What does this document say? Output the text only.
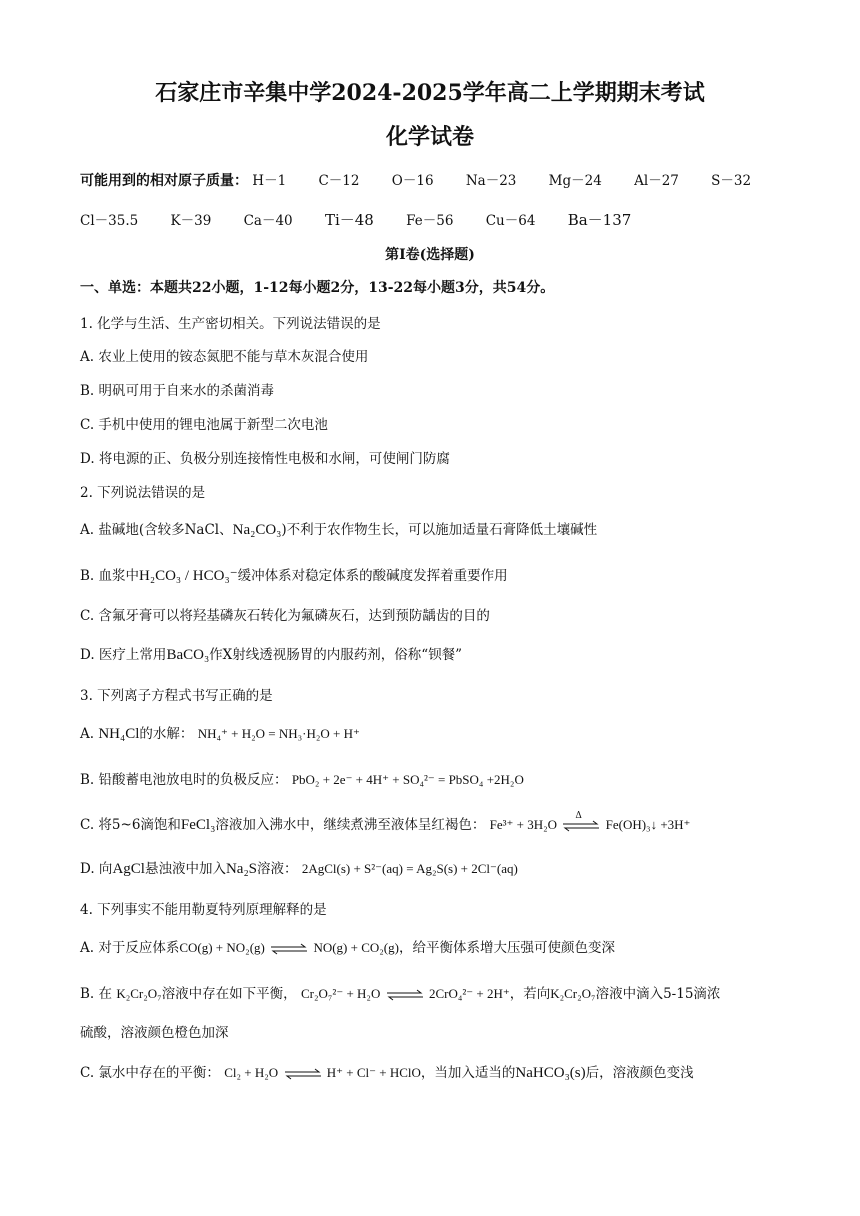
石家庄市辛集中学2024-2025学年高二上学期期末考试
化学试卷
可能用到的相对原子质量： H－1 C－12 O－16 Na－23 Mg－24 Al－27 S－32
Cl－35.5 K－39 Ca－40 Ti－48 Fe－56 Cu－64 Ba－137
第Ⅰ卷(选择题)
一、单选：本题共22小题，1-12每小题2分，13-22每小题3分，共54分。
1. 化学与生活、生产密切相关。下列说法错误的是
A. 农业上使用的铵态氮肥不能与草木灰混合使用
B. 明矾可用于自来水的杀菌消毒
C. 手机中使用的锂电池属于新型二次电池
D. 将电源的正、负极分别连接惰性电极和水闸，可使闸门防腐
2. 下列说法错误的是
A. 盐碱地(含较多NaCl、Na₂CO₃)不利于农作物生长，可以施加适量石膏降低土壤碱性
B. 血浆中H₂CO₃ / HCO₃⁻缓冲体系对稳定体系的酸碱度发挥着重要作用
C. 含氟牙膏可以将羟基磷灰石转化为氟磷灰石，达到预防龋齿的目的
D. 医疗上常用BaCO₃作X射线透视肠胃的内服药剂，俗称“钡餐”
3. 下列离子方程式书写正确的是
A. NH₄Cl的水解： NH₄⁺ + H₂O = NH₃·H₂O + H⁺
B. 铅酸蓄电池放电时的负极反应： PbO₂ + 2e⁻ + 4H⁺ + SO₄²⁻ = PbSO₄ +2H₂O
C. 将5~6滴饱和FeCl₃溶液加入沸水中，继续煮沸至液体呈红褐色： Fe³⁺ + 3H₂O
Δ
Fe(OH)₃↓ +3H⁺
D. 向AgCl悬浊液中加入Na₂S溶液： 2AgCl(s) + S²⁻(aq) = Ag₂S(s) + 2Cl⁻(aq)
4. 下列事实不能用勒夏特列原理解释的是
A. 对于反应体系CO(g) + NO₂(g) ⇌ NO(g) + CO₂(g)，给平衡体系增大压强可使颜色变深
B. 在 K₂Cr₂O₇溶液中存在如下平衡， Cr₂O₇²⁻ + H₂O ⇌ 2CrO₄²⁻ + 2H⁺，若向K₂Cr₂O₇溶液中滴入5-15滴浓
硫酸，溶液颜色橙色加深
C. 氯水中存在的平衡： Cl₂ + H₂O ⇌ H⁺ + Cl⁻ + HClO，当加入适当的NaHCO₃(s)后，溶液颜色变浅
